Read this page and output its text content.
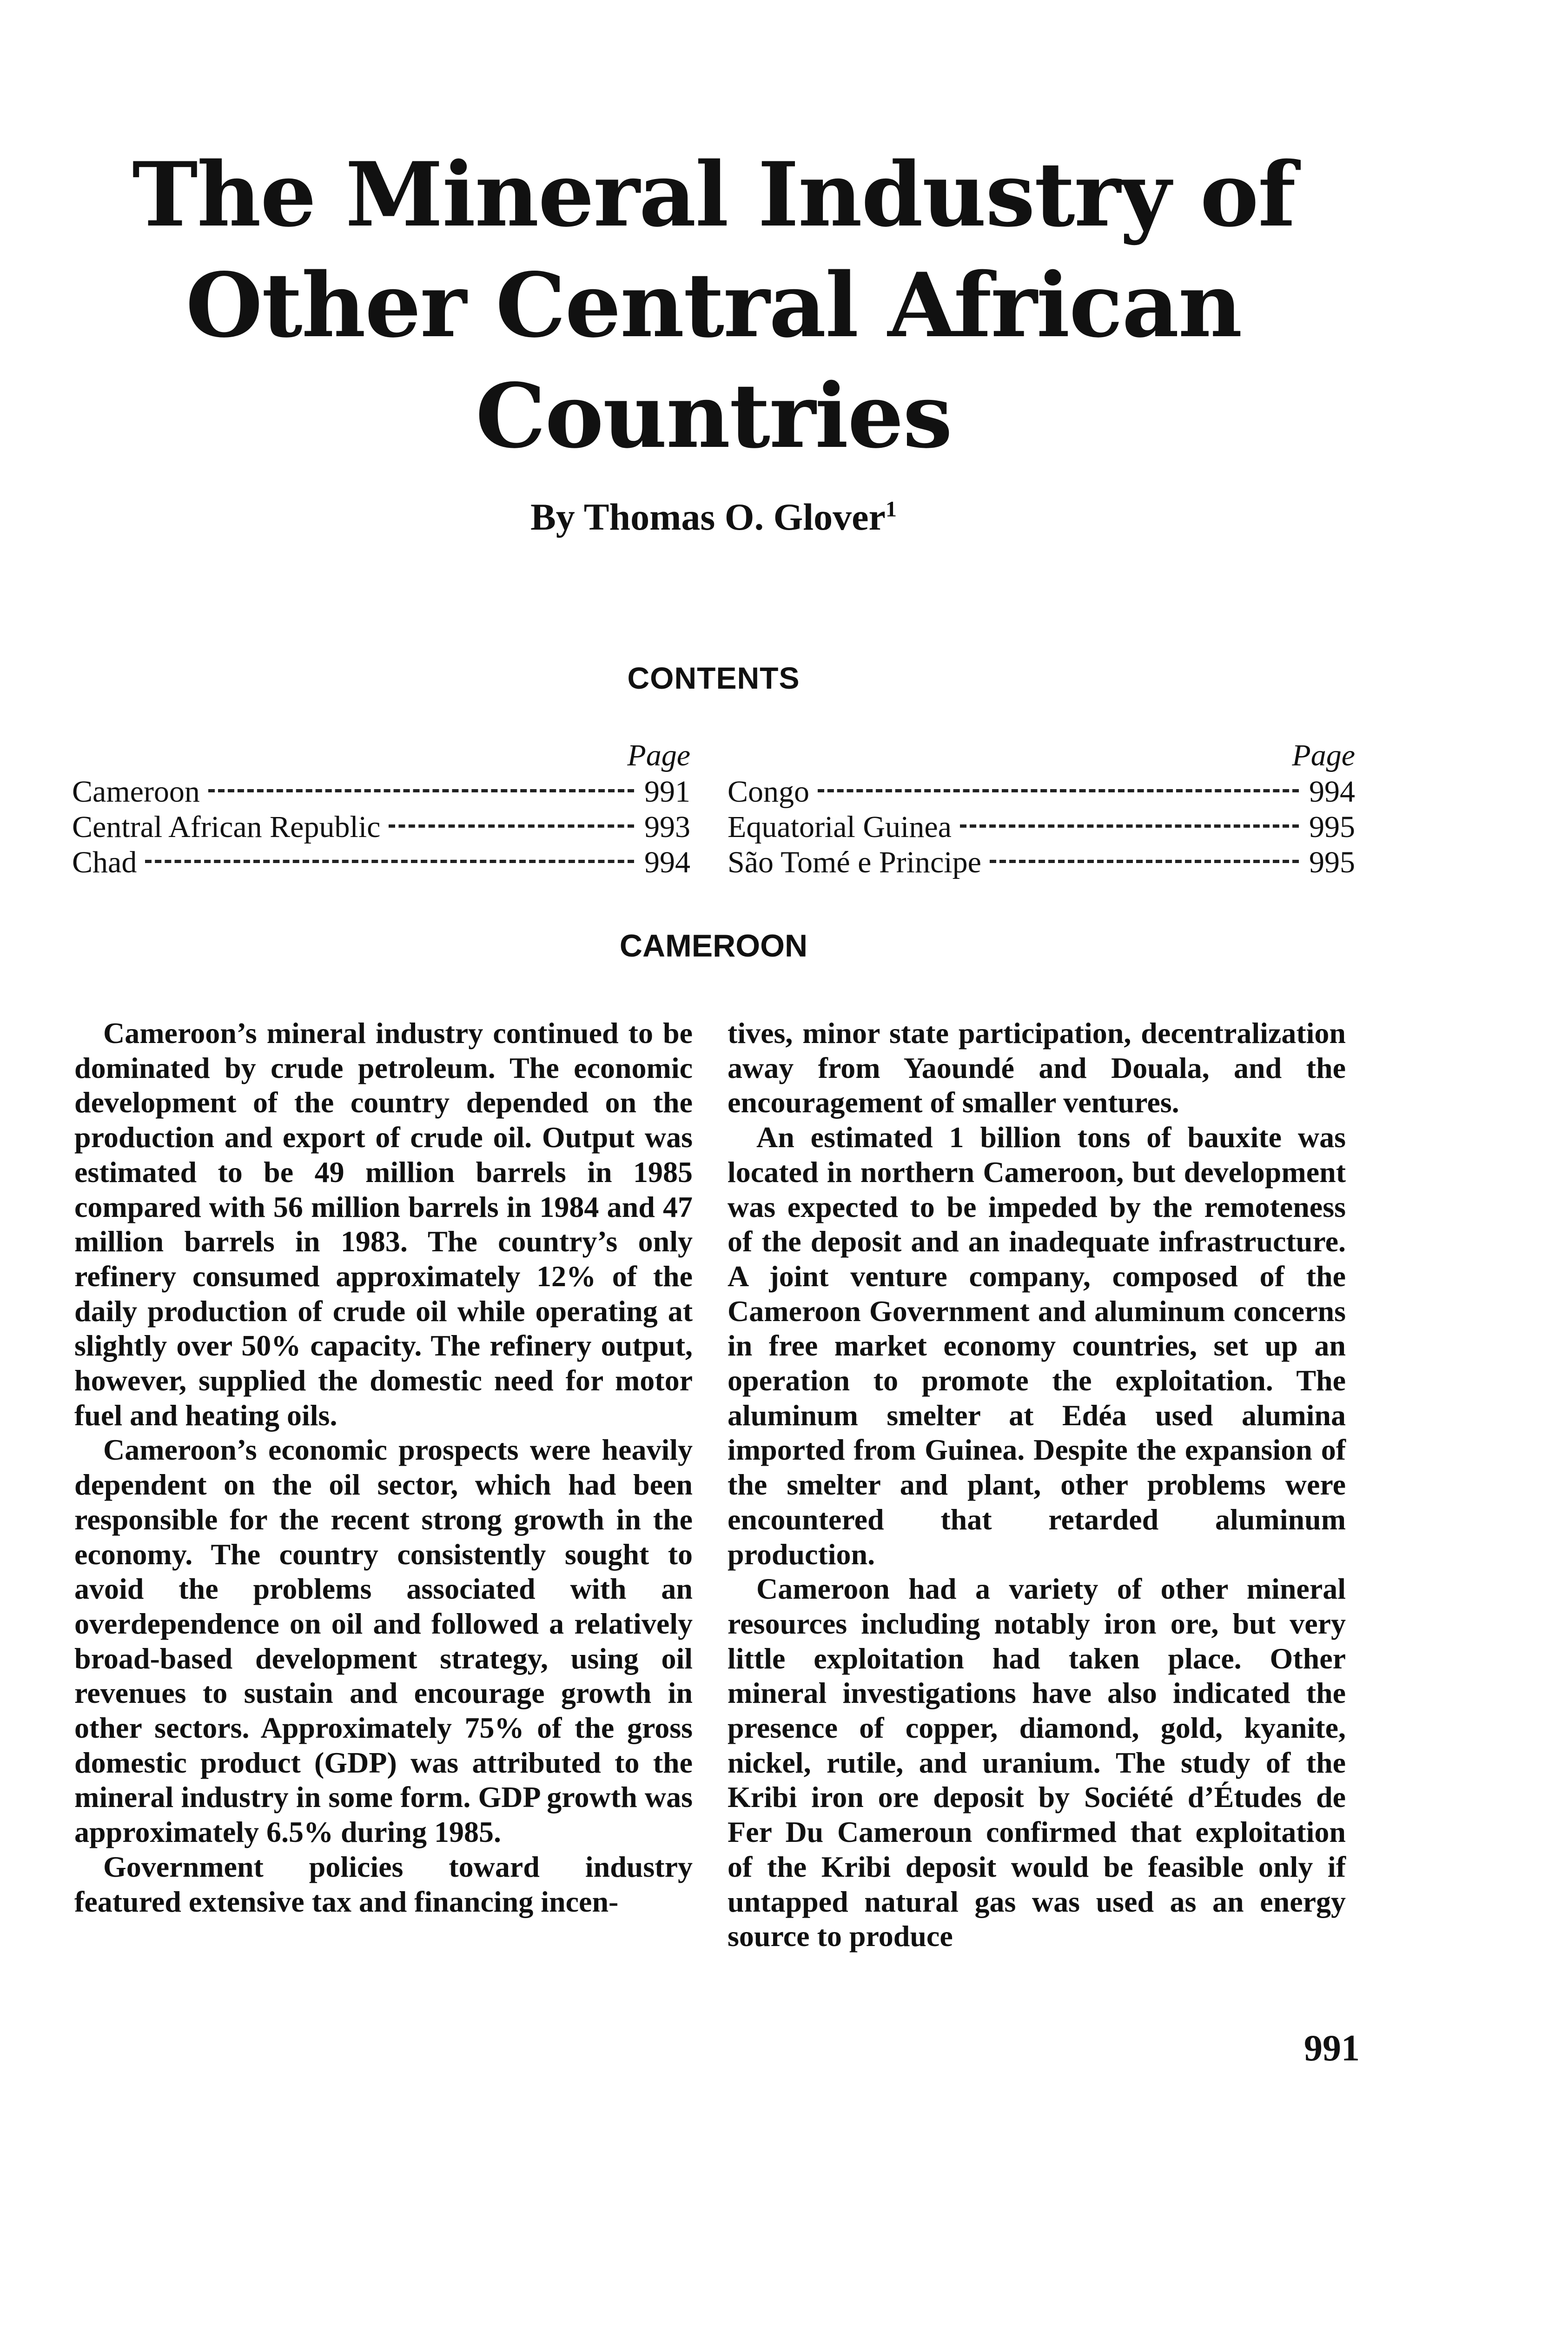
The Mineral Industry of
Other Central African
Countries
By Thomas O. Glover$^1$
CONTENTS
Page
Cameroon	991
Central African Republic	993
Chad	994
Page
Congo	994
Equatorial Guinea	995
São Tomé e Principe	995
CAMEROON

Cameroon’s mineral industry continued to be dominated by crude petroleum. The economic development of the country depended on the production and export of crude oil. Output was estimated to be 49 million barrels in 1985 compared with 56 million barrels in 1984 and 47 million barrels in 1983. The country’s only refinery consumed approximately 12% of the daily production of crude oil while operating at slightly over 50% capacity. The refinery output, however, supplied the domestic need for motor fuel and heating oils.

Cameroon’s economic prospects were heavily dependent on the oil sector, which had been responsible for the recent strong growth in the economy. The country consistently sought to avoid the problems associated with an overdependence on oil and followed a relatively broad-based development strategy, using oil revenues to sustain and encourage growth in other sectors. Approximately 75% of the gross domestic product (GDP) was attributed to the mineral industry in some form. GDP growth was approximately 6.5% during 1985.

Government policies toward industry featured extensive tax and financing incen-

tives, minor state participation, decentralization away from Yaoundé and Douala, and the encouragement of smaller ventures.

An estimated 1 billion tons of bauxite was located in northern Cameroon, but development was expected to be impeded by the remoteness of the deposit and an inadequate infrastructure. A joint venture company, composed of the Cameroon Government and aluminum concerns in free market economy countries, set up an operation to promote the exploitation. The aluminum smelter at Edéa used alumina imported from Guinea. Despite the expansion of the smelter and plant, other problems were encountered that retarded aluminum production.

Cameroon had a variety of other mineral resources including notably iron ore, but very little exploitation had taken place. Other mineral investigations have also indicated the presence of copper, diamond, gold, kyanite, nickel, rutile, and uranium. The study of the Kribi iron ore deposit by Société d’Études de Fer Du Cameroun confirmed that exploitation of the Kribi deposit would be feasible only if untapped natural gas was used as an energy source to produce

991
